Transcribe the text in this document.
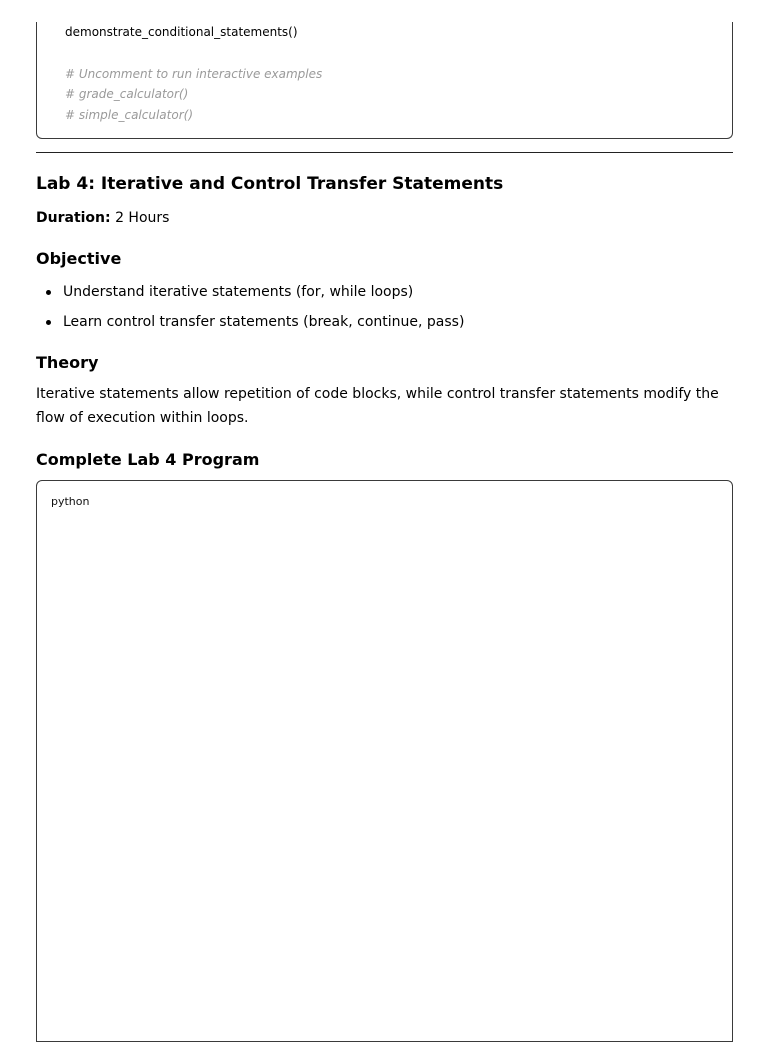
demonstrate_conditional_statements()
# Uncomment to run interactive examples
# grade_calculator()
# simple_calculator()
Lab 4: Iterative and Control Transfer Statements
Duration: 2 Hours
Objective
Understand iterative statements (for, while loops)
Learn control transfer statements (break, continue, pass)
Theory
Iterative statements allow repetition of code blocks, while control transfer statements modify the flow of execution within loops.
Complete Lab 4 Program
python
